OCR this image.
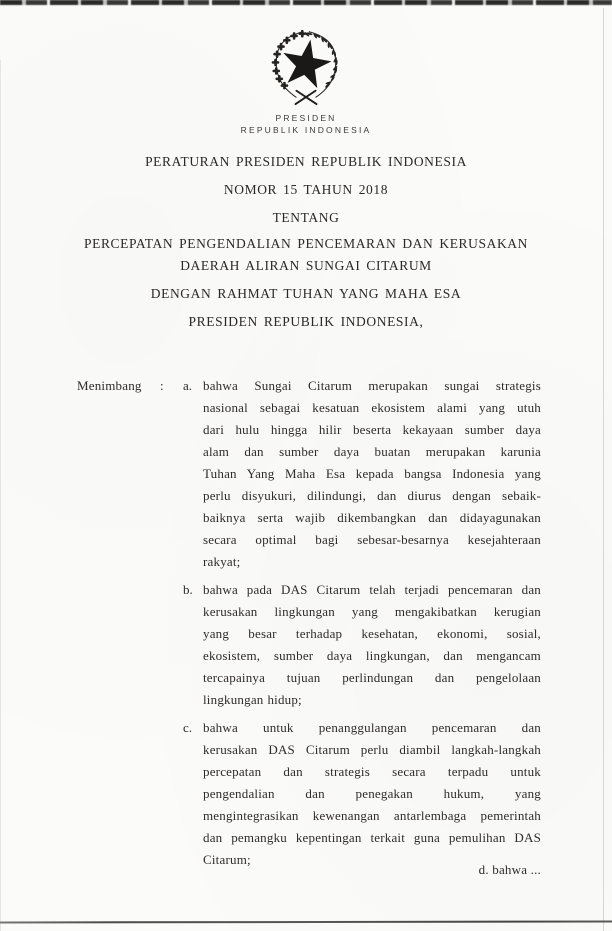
PRESIDEN
REPUBLIK INDONESIA
PERATURAN PRESIDEN REPUBLIK INDONESIA
NOMOR 15 TAHUN 2018
TENTANG
PERCEPATAN PENGENDALIAN PENCEMARAN DAN KERUSAKAN
DAERAH ALIRAN SUNGAI CITARUM
DENGAN RAHMAT TUHAN YANG MAHA ESA
PRESIDEN REPUBLIK INDONESIA,
Menimbang	:	a. bahwa Sungai Citarum merupakan sungai strategis
nasional sebagai kesatuan ekosistem alami yang utuh
dari hulu hingga hilir beserta kekayaan sumber daya
alam dan sumber daya buatan merupakan karunia
Tuhan Yang Maha Esa kepada bangsa Indonesia yang
perlu disyukuri, dilindungi, dan diurus dengan sebaik-
baiknya serta wajib dikembangkan dan didayagunakan
secara optimal bagi sebesar-besarnya kesejahteraan
rakyat;
b. bahwa pada DAS Citarum telah terjadi pencemaran dan
kerusakan lingkungan yang mengakibatkan kerugian
yang besar terhadap kesehatan, ekonomi, sosial,
ekosistem, sumber daya lingkungan, dan mengancam
tercapainya tujuan perlindungan dan pengelolaan
lingkungan hidup;
c. bahwa untuk penanggulangan pencemaran dan
kerusakan DAS Citarum perlu diambil langkah-langkah
percepatan dan strategis secara terpadu untuk
pengendalian dan penegakan hukum, yang
mengintegrasikan kewenangan antarlembaga pemerintah
dan pemangku kepentingan terkait guna pemulihan DAS
Citarum;
d. bahwa ...
